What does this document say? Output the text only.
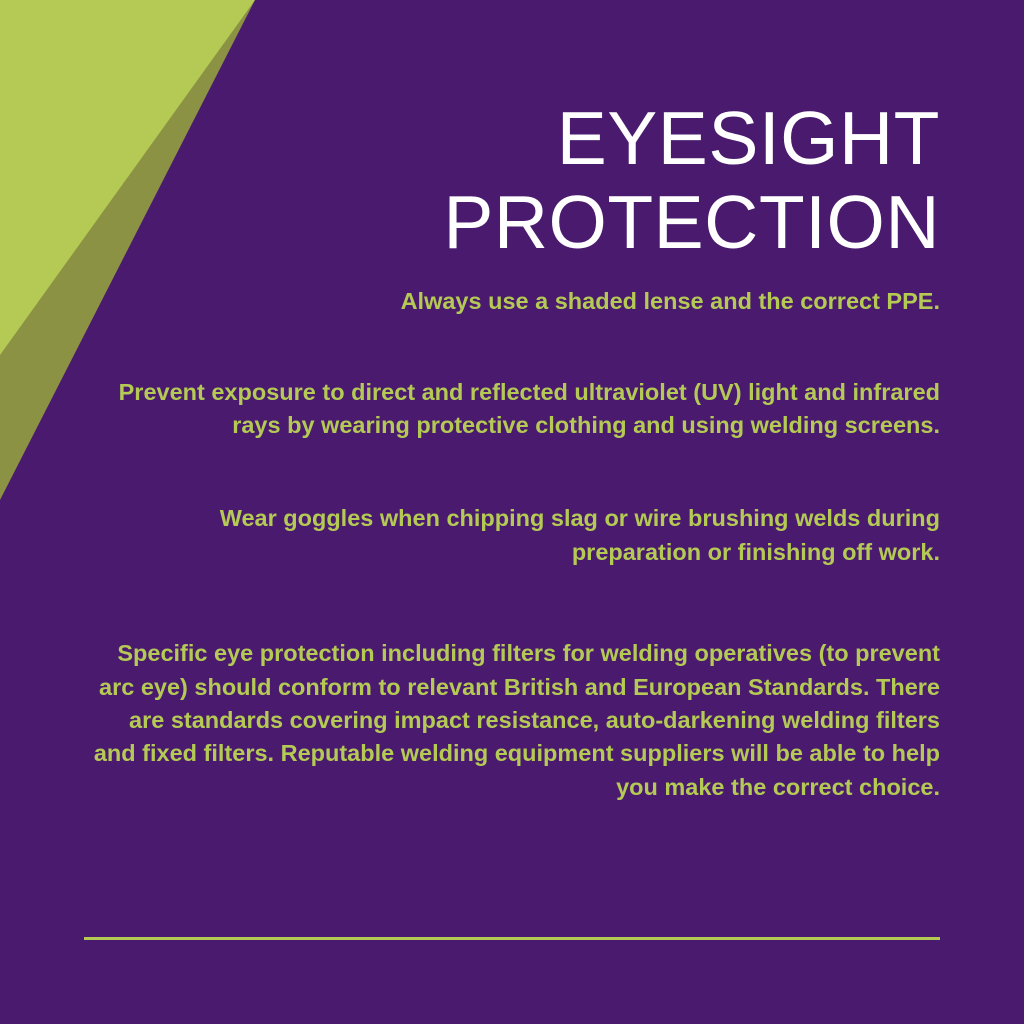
EYESIGHT
PROTECTION
Always use a shaded lense and the correct PPE.
Prevent exposure to direct and reflected ultraviolet (UV) light and infrared rays by wearing protective clothing and using welding screens.
Wear goggles when chipping slag or wire brushing welds during preparation or finishing off work.
Specific eye protection including filters for welding operatives (to prevent arc eye) should conform to relevant British and European Standards. There are standards covering impact resistance, auto-darkening welding filters and fixed filters. Reputable welding equipment suppliers will be able to help you make the correct choice.
